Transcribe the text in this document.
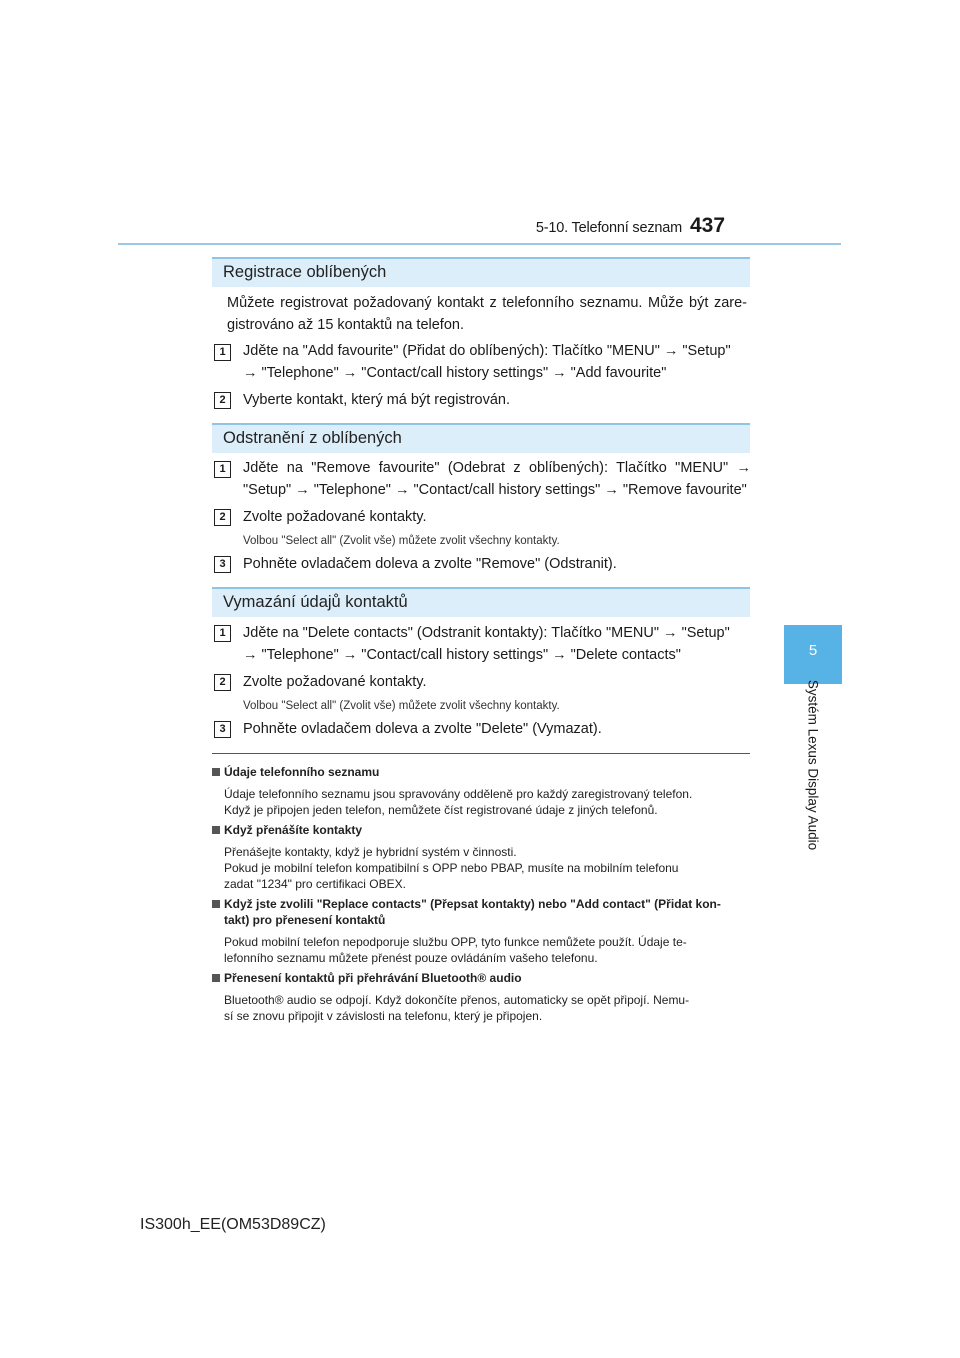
5-10. Telefonní seznam 437
5
Systém Lexus Display Audio
Registrace oblíbených
Můžete registrovat požadovaný kontakt z telefonního seznamu. Může být zare-
gistrováno až 15 kontaktů na telefon.
1	Jděte na "Add favourite" (Přidat do oblíbených): Tlačítko "MENU" → "Setup"
→ "Telephone" → "Contact/call history settings" → "Add favourite"
2	Vyberte kontakt, který má být registrován.
Odstranění z oblíbených
1	Jděte na "Remove favourite" (Odebrat z oblíbených): Tlačítko "MENU" →
"Setup" → "Telephone" → "Contact/call history settings" → "Remove favourite"
2	Zvolte požadované kontakty.
Volbou "Select all" (Zvolit vše) můžete zvolit všechny kontakty.
3	Pohněte ovladačem doleva a zvolte "Remove" (Odstranit).
Vymazání údajů kontaktů
1	Jděte na "Delete contacts" (Odstranit kontakty): Tlačítko "MENU" → "Setup"
→ "Telephone" → "Contact/call history settings" → "Delete contacts"
2	Zvolte požadované kontakty.
Volbou "Select all" (Zvolit vše) můžete zvolit všechny kontakty.
3	Pohněte ovladačem doleva a zvolte "Delete" (Vymazat).
Údaje telefonního seznamu
Údaje telefonního seznamu jsou spravovány odděleně pro každý zaregistrovaný telefon.
Když je připojen jeden telefon, nemůžete číst registrované údaje z jiných telefonů.
Když přenášíte kontakty
Přenášejte kontakty, když je hybridní systém v činnosti.
Pokud je mobilní telefon kompatibilní s OPP nebo PBAP, musíte na mobilním telefonu
zadat "1234" pro certifikaci OBEX.
Když jste zvolili "Replace contacts" (Přepsat kontakty) nebo "Add contact" (Přidat kon-
takt) pro přenesení kontaktů
Pokud mobilní telefon nepodporuje službu OPP, tyto funkce nemůžete použít. Údaje te-
lefonního seznamu můžete přenést pouze ovládáním vašeho telefonu.
Přenesení kontaktů při přehrávání Bluetooth® audio
Bluetooth® audio se odpojí. Když dokončíte přenos, automaticky se opět připojí. Nemu-
sí se znovu připojit v závislosti na telefonu, který je připojen.
IS300h_EE(OM53D89CZ)
